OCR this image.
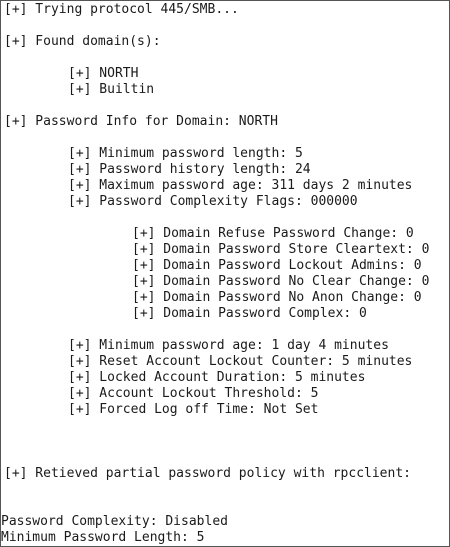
[+] Trying protocol 445/SMB...
[+] Found domain(s):
[+] NORTH
[+] Builtin
[+] Password Info for Domain: NORTH
[+] Minimum password length: 5
[+] Password history length: 24
[+] Maximum password age: 311 days 2 minutes
[+] Password Complexity Flags: 000000
[+] Domain Refuse Password Change: 0
[+] Domain Password Store Cleartext: 0
[+] Domain Password Lockout Admins: 0
[+] Domain Password No Clear Change: 0
[+] Domain Password No Anon Change: 0
[+] Domain Password Complex: 0
[+] Minimum password age: 1 day 4 minutes
[+] Reset Account Lockout Counter: 5 minutes
[+] Locked Account Duration: 5 minutes
[+] Account Lockout Threshold: 5
[+] Forced Log off Time: Not Set
[+] Retieved partial password policy with rpcclient:
Password Complexity: Disabled
Minimum Password Length: 5
